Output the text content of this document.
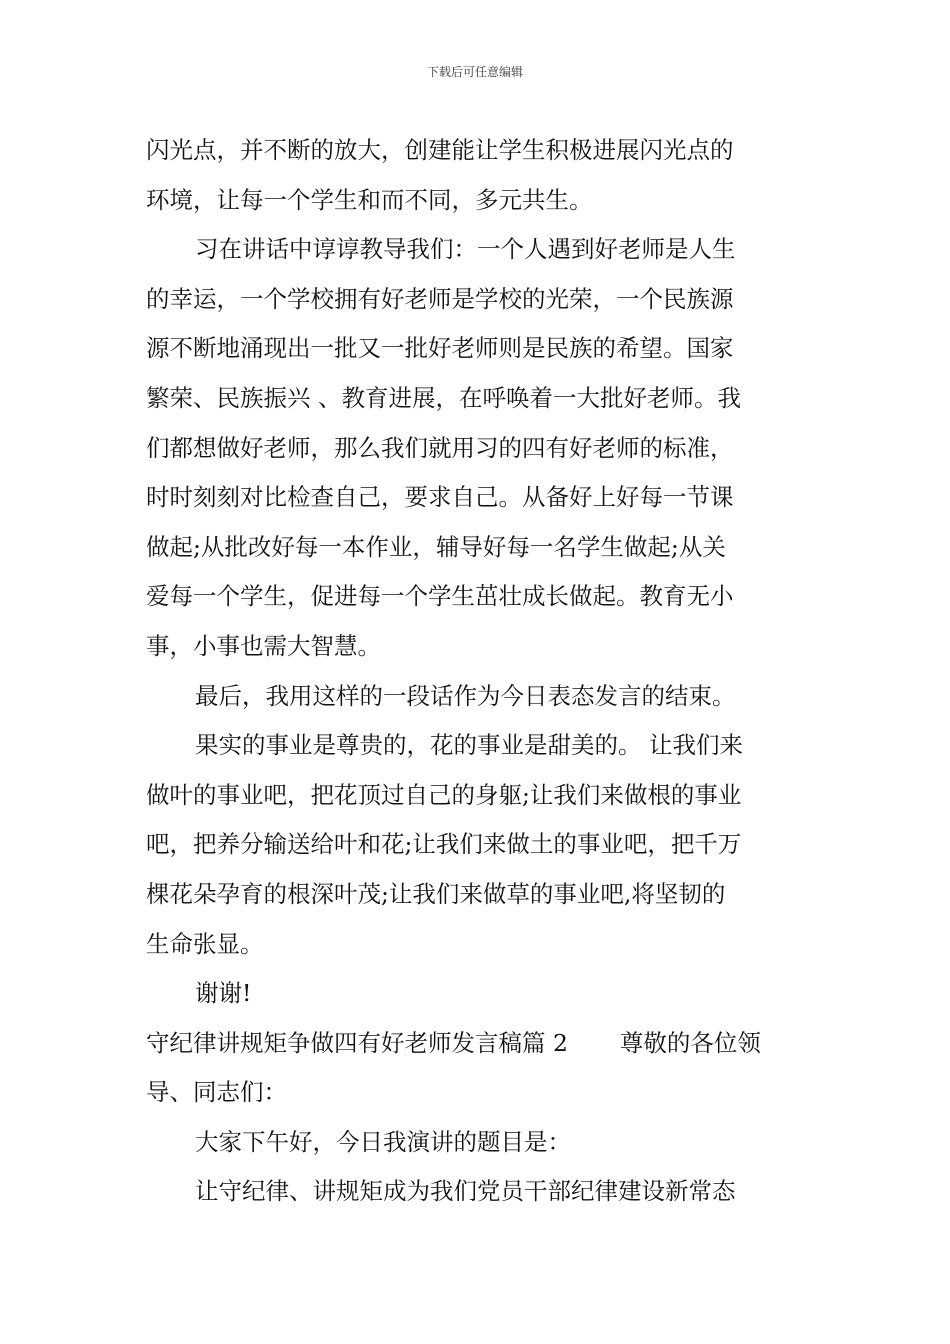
下载后可任意编辑
闪光点，并不断的放大，创建能让学生积极进展闪光点的
环境，让每一个学生和而不同，多元共生。
习在讲话中谆谆教导我们：一个人遇到好老师是人生
的幸运，一个学校拥有好老师是学校的光荣，一个民族源
源不断地涌现出一批又一批好老师则是民族的希望。国家
繁荣、民族振兴 、教育进展，在呼唤着一大批好老师。我
们都想做好老师，那么我们就用习的四有好老师的标准，
时时刻刻对比检查自己，要求自己。从备好上好每一节课
做起;从批改好每一本作业，辅导好每一名学生做起;从关
爱每一个学生，促进每一个学生茁壮成长做起。教育无小
事，小事也需大智慧。
最后，我用这样的一段话作为今日表态发言的结束。
果实的事业是尊贵的，花的事业是甜美的。 让我们来
做叶的事业吧，把花顶过自己的身躯;让我们来做根的事业
吧，把养分输送给叶和花;让我们来做土的事业吧，把千万
棵花朵孕育的根深叶茂;让我们来做草的事业吧,将坚韧的
生命张显。
谢谢!
守纪律讲规矩争做四有好老师发言稿篇 2 尊敬的各位领
导、同志们：
大家下午好，今日我演讲的题目是：
让守纪律、讲规矩成为我们党员干部纪律建设新常态
